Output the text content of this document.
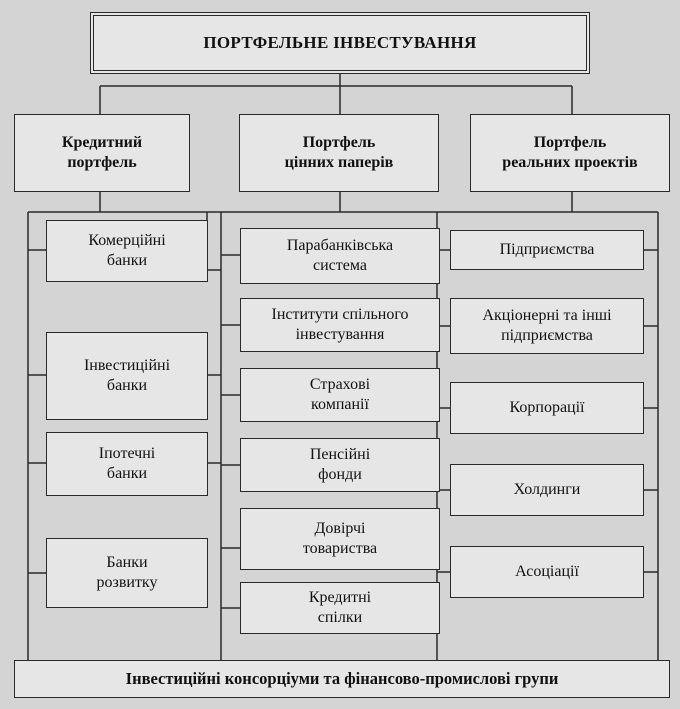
ПОРТФЕЛЬНЕ ІНВЕСТУВАННЯ
Кредитний
портфель
Портфель
цінних паперів
Портфель
реальних проектів
Комерційні
банки
Інвестиційні
банки
Іпотечні
банки
Банки
розвитку
Парабанківська
система
Інститути спільного
інвестування
Страхові
компанії
Пенсійні
фонди
Довірчі
товариства
Кредитні
спілки
Підприємства
Акціонерні та інші
підприємства
Корпорації
Холдинги
Асоціації
Інвестиційні консорціуми та фінансово-промислові групи
